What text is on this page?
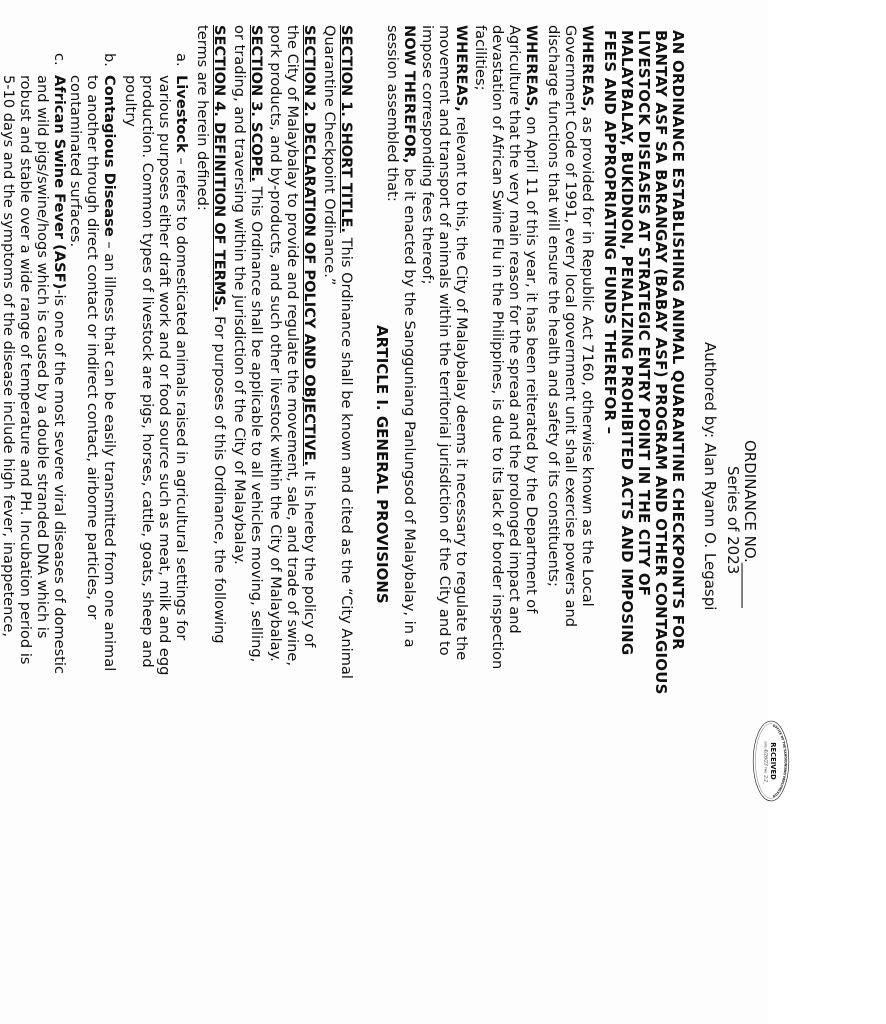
ORDINANCE NO.______
Series of 2023
Authored by: Alan Ryann O. Legaspi
AN ORDINANCE ESTABLISHING ANIMAL QUARANTINE CHECKPOINTS FOR
BANTAY ASF SA BARANGAY (BABAY ASF) PROGRAM AND OTHER CONTAGIOUS
LIVESTOCK DISEASES AT STRATEGIC ENTRY POINT IN THE CITY OF
MALAYBALAY, BUKIDNON, PENALIZING PROHIBITED ACTS AND IMPOSING
FEES AND APPROPRIATING FUNDS THEREFOR –
WHEREAS, as provided for in Republic Act 7160, otherwise known as the Local
Government Code of 1991, every local government unit shall exercise powers and
discharge functions that will ensure the health and safety of its constituents;
WHEREAS, on April 11 of this year, it has been reiterated by the Department of
Agriculture that the very main reason for the spread and the prolonged impact and
devastation of African Swine Flu in the Philippines, is due to its lack of border inspection
facilities;
WHEREAS, relevant to this, the City of Malaybalay deems it necessary to regulate the
movement and transport of animals within the territorial jurisdiction of the City and to
impose corresponding fees thereof;
NOW THEREFOR, be it enacted by the Sangguniang Panlungsod of Malaybalay, in a
session assembled that:
ARTICLE I. GENERAL PROVISIONS
SECTION 1. SHORT TITLE. This Ordinance shall be known and cited as the “City Animal
Quarantine Checkpoint Ordinance.”
SECTION 2. DECLARATION OF POLICY AND OBJECTIVE. It is hereby the policy of
the City of Malaybalay to provide and regulate the movement, sale, and trade of swine,
pork products, and by-products, and such other livestock within the City of Malaybalay.
SECTION 3. SCOPE. This Ordinance shall be applicable to all vehicles moving, selling,
or trading, and traversing within the jurisdiction of the City of Malaybalay.
SECTION 4. DEFINITION OF TERMS. For purposes of this Ordinance, the following
terms are herein defined:
a.
Livestock – refers to domesticated animals raised in agricultural settings for
various purposes either draft work and or food source such as meat, milk and egg
production. Common types of livestock are pigs, horses, cattle, goats, sheep and
poultry
b.
Contagious Disease – an illness that can be easily transmitted from one animal
to another through direct contact or indirect contact, airborne particles, or
contaminated surfaces.
c.
African Swine Fever (ASF)-is one of the most severe viral diseases of domestic
and wild pigs/swine/hogs which is caused by a double stranded DNA which is
robust and stable over a wide range of temperature and PH. Incubation period is
5-10 days and the symptoms of the disease include high fever, inappetence,
OFFICE OF THE SANGGUNIANG PANLUNGSOD
RECEIVED
DATE:
4/26/23
TIME:
2:2_
